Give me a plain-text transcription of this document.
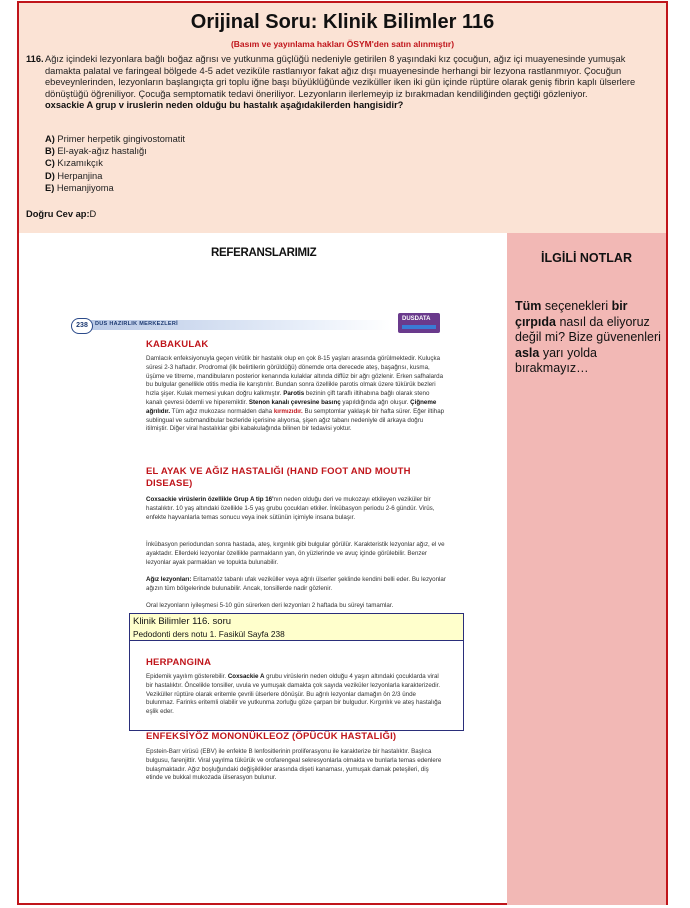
Orijinal Soru: Klinik Bilimler 116
(Basım ve yayınlama hakları ÖSYM'den satın alınmıştır)
116. Ağız içindeki lezyonlara bağlı boğaz ağrısı ve yutkunma güçlüğü nedeniyle getirilen 8 yaşındaki kız çocuğun, ağız içi muayenesinde yumuşak damakta palatal ve faringeal bölgede 4-5 adet veziküle rastlanıyor fakat ağız dışı muayenesinde herhangi bir lezyona rastlanmıyor. Çocuğun ebeveynlerinden, lezyonların başlangıçta gri toplu iğne başı büyüklüğünde veziküller iken iki gün içinde rüptüre olarak geniş fibrin kaplı ülserlere dönüştüğü öğreniliyor. Çocuğa semptomatik tedavi öneriliyor. Lezyonların ilerlemeyip iz bırakmadan kendiliğinden geçtiği gözleniyor.
oxsackie A grup v iruslerin neden olduğu bu hastalık aşağıdakilerden hangisidir?
A) Primer herpetik gingivostomatit
B) El-ayak-ağız hastalığı
C) Kızamıkçık
D) Herpanjina
E) Hemanjiyoma
Doğru Cev ap:D
REFERANSLARIMIZ
238	DUS HAZIRLIK MERKEZLERİ
DUSDATA
KABAKULAK
Damlacık enfeksiyonuyla geçen virütik bir hastalık olup en çok 8-15 yaşları arasında görülmektedir. Kuluçka süresi 2-3 haftadır. Prodromal (ilk belirtilerin görüldüğü) dönemde orta derecede ateş, başağrısı, kusma, üşüme ve titreme, mandibulanın posterior kenarında kulaklar altında diffüz bir ağrı gözlenir. Erken safhalarda bu bulgular genellikle otitis media ile karıştırılır. Bundan sonra özellikle parotis olmak üzere tükürük bezleri hızla şişer. Kulak memesi yukarı doğru kalkmıştır. Parotis bezinin çift taraflı iltihabına bağlı olarak steno kanalı çevresi ödemli ve hiperemiktir. Stenon kanalı çevresine basınç yapıldığında ağrı oluşur. Çiğneme ağrılıdır. Tüm ağız mukozası normalden daha kırmızıdır. Bu semptomlar yaklaşık bir hafta sürer. Eğer iltihap sublingual ve submandibular bezleride içerisine alıyorsa, şişen ağız tabanı nedeniyle dil arkaya doğru itilmiştir. Diğer viral hastalıklar gibi kabakulağında bilinen bir tedavisi yoktur.
EL AYAK VE AĞIZ HASTALIĞI (HAND FOOT AND MOUTH DISEASE)
Coxsackie virüslerin özellikle Grup A tip 16'nın neden olduğu deri ve mukozayı etkileyen veziküler bir hastalıktır. 10 yaş altındaki özellikle 1-5 yaş grubu çocukları etkiler. İnkübasyon periodu 2-6 gündür. Virüs, enfekte hayvanlarla temas sonucu veya inek sütünün içimiyle insana bulaşır.
İnkübasyon periodundan sonra hastada, ateş, kırgınlık gibi bulgular görülür. Karakteristik lezyonlar ağız, el ve ayaktadır. Ellerdeki lezyonlar özellikle parmakların yan, ön yüzlerinde ve avuç içinde görülebilir. Benzer lezyonlar ayak parmakları ve topukta bulunabilir.
Ağız lezyonları: Eritamatöz tabanlı ufak veziküller veya ağrılı ülserler şeklinde kendini belli eder. Bu lezyonlar ağızın tüm bölgelerinde bulunabilir. Ancak, tonsillerde nadir gözlenir.
Oral lezyonların iyileşmesi 5-10 gün sürerken deri lezyonları 2 haftada bu süreyi tamamlar.
HERPANGINA
Epidemik yayılım gösterebilir. Coxsackie A grubu virüslerin neden olduğu 4 yaşın altındaki çocuklarda viral bir hastalıktır. Öncelikle tonsiller, uvula ve yumuşak damakta çok sayıda veziküler lezyonlarla karakterizedir. Veziküller rüptüre olarak eritemle çevrili ülserlere dönüşür. Bu ağrılı lezyonlar damağın ön 2/3 ünde bulunmaz. Farinks eritemli olabilir ve yutkunma zorluğu göze çarpan bir bulgudur. Kırgınlık ve ateş hastalığa eşlik eder.
ENFEKSİYÖZ MONONÜKLEOZ (ÖPÜCÜK HASTALIĞI)
Epstein-Barr virüsü (EBV) ile enfekte B lenfositlerinin proliferasyonu ile karakterize bir hastalıktır. Başlıca bulgusu, farenjittir. Viral yayılma tükürük ve orofarengeal sekresyonlarla olmakta ve bunlarla temas edenlere bulaşmaktadır. Ağız boşluğundaki değişiklikler arasında dişeti kanaması, yumuşak damak peteşileri, diş etinde ve bukkal mukozada ülserasyon bulunur.
İLGİLİ NOTLAR
Tüm seçenekleri bir çırpıda nasıl da eliyoruz değil mi? Bize güvenenleri asla yarı yolda bırakmayız…
Klinik Bilimler 116. soru
Pedodonti ders notu 1. Fasikül Sayfa 238
